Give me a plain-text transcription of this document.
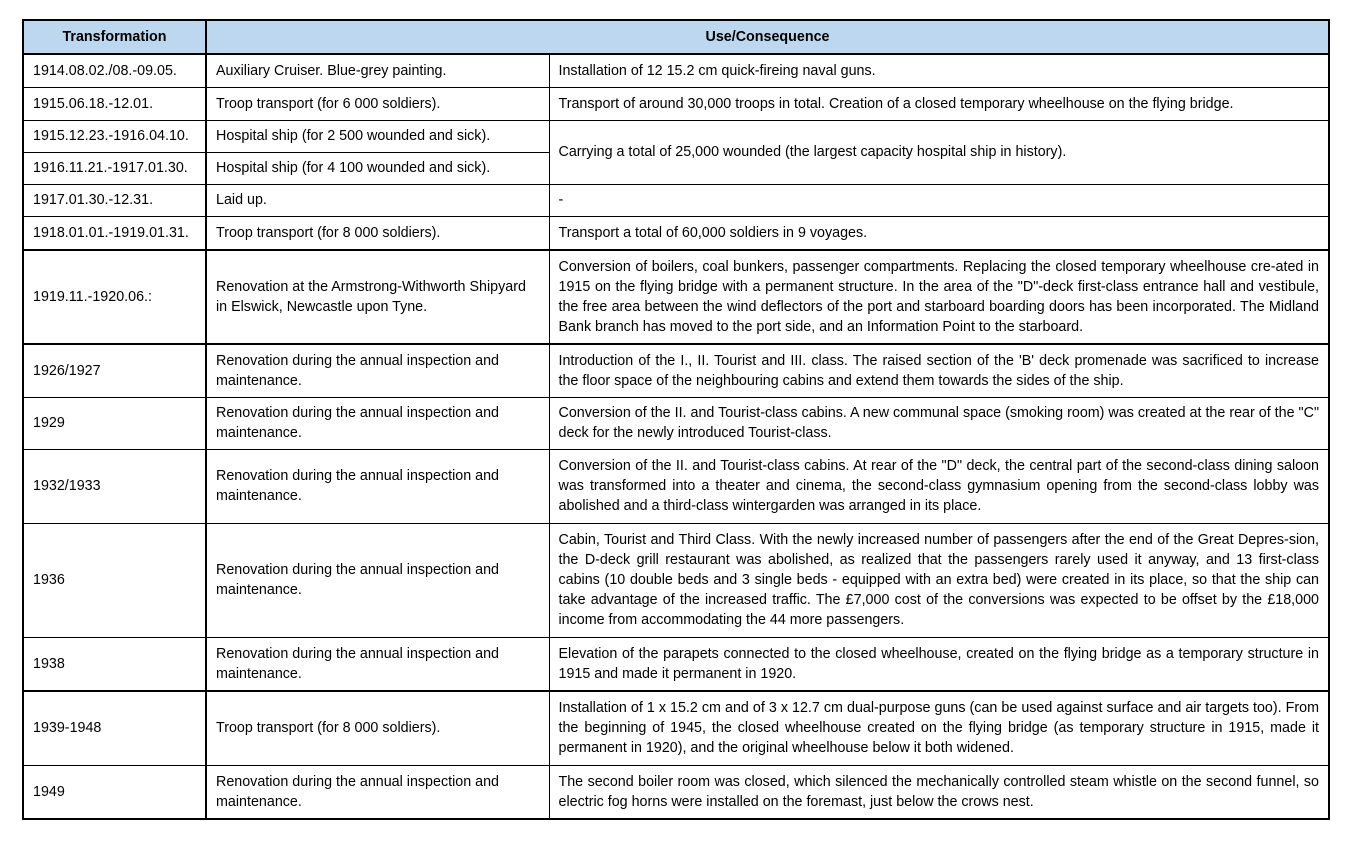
Transformation	Use/Consequence	
1914.08.02./08.-09.05.	Auxiliary Cruiser. Blue-grey painting.	Installation of 12 15.2 cm quick-fireing naval guns.
1915.06.18.-12.01.	Troop transport (for 6 000 soldiers).	Transport of around 30,000 troops in total. Creation of a closed temporary wheelhouse on the flying bridge.
1915.12.23.-1916.04.10.	Hospital ship (for 2 500 wounded and sick).	Carrying a total of 25,000 wounded (the largest capacity hospital ship in history).
1916.11.21.-1917.01.30.	Hospital ship (for 4 100 wounded and sick).	
1917.01.30.-12.31.	Laid up.	-
1918.01.01.-1919.01.31.	Troop transport (for 8 000 soldiers).	Transport a total of 60,000 soldiers in 9 voyages.
1919.11.-1920.06.:	Renovation at the Armstrong-Withworth Shipyard in Elswick, Newcastle upon Tyne.	Conversion of boilers, coal bunkers, passenger compartments. Replacing the closed temporary wheelhouse cre-ated in 1915 on the flying bridge with a permanent structure. In the area of the "D"-deck first-class entrance hall and vestibule, the free area between the wind deflectors of the port and starboard boarding doors has been incorporated. The Midland Bank branch has moved to the port side, and an Information Point to the starboard.
1926/1927	Renovation during the annual inspection and maintenance.	Introduction of the I., II. Tourist and III. class. The raised section of the 'B' deck promenade was sacrificed to increase the floor space of the neighbouring cabins and extend them towards the sides of the ship.
1929	Renovation during the annual inspection and maintenance.	Conversion of the II. and Tourist-class cabins. A new communal space (smoking room) was created at the rear of the "C" deck for the newly introduced Tourist-class.
1932/1933	Renovation during the annual inspection and maintenance.	Conversion of the II. and Tourist-class cabins. At rear of the "D" deck, the central part of the second-class dining saloon was transformed into a theater and cinema, the second-class gymnasium opening from the second-class lobby was abolished and a third-class wintergarden was arranged in its place.
1936	Renovation during the annual inspection and maintenance.	Cabin, Tourist and Third Class. With the newly increased number of passengers after the end of the Great Depres-sion, the D-deck grill restaurant was abolished, as realized that the passengers rarely used it anyway, and 13 first-class cabins (10 double beds and 3 single beds - equipped with an extra bed) were created in its place, so that the ship can take advantage of the increased traffic. The £7,000 cost of the conversions was expected to be offset by the £18,000 income from accommodating the 44 more passengers.
1938	Renovation during the annual inspection and maintenance.	Elevation of the parapets connected to the closed wheelhouse, created on the flying bridge as a temporary structure in 1915 and made it permanent in 1920.
1939-1948	Troop transport (for 8 000 soldiers).	Installation of 1 x 15.2 cm and of 3 x 12.7 cm dual-purpose guns (can be used against surface and air targets too). From the beginning of 1945, the closed wheelhouse created on the flying bridge (as temporary structure in 1915, made it permanent in 1920), and the original wheelhouse below it both widened.
1949	Renovation during the annual inspection and maintenance.	The second boiler room was closed, which silenced the mechanically controlled steam whistle on the second funnel, so electric fog horns were installed on the foremast, just below the crows nest.
